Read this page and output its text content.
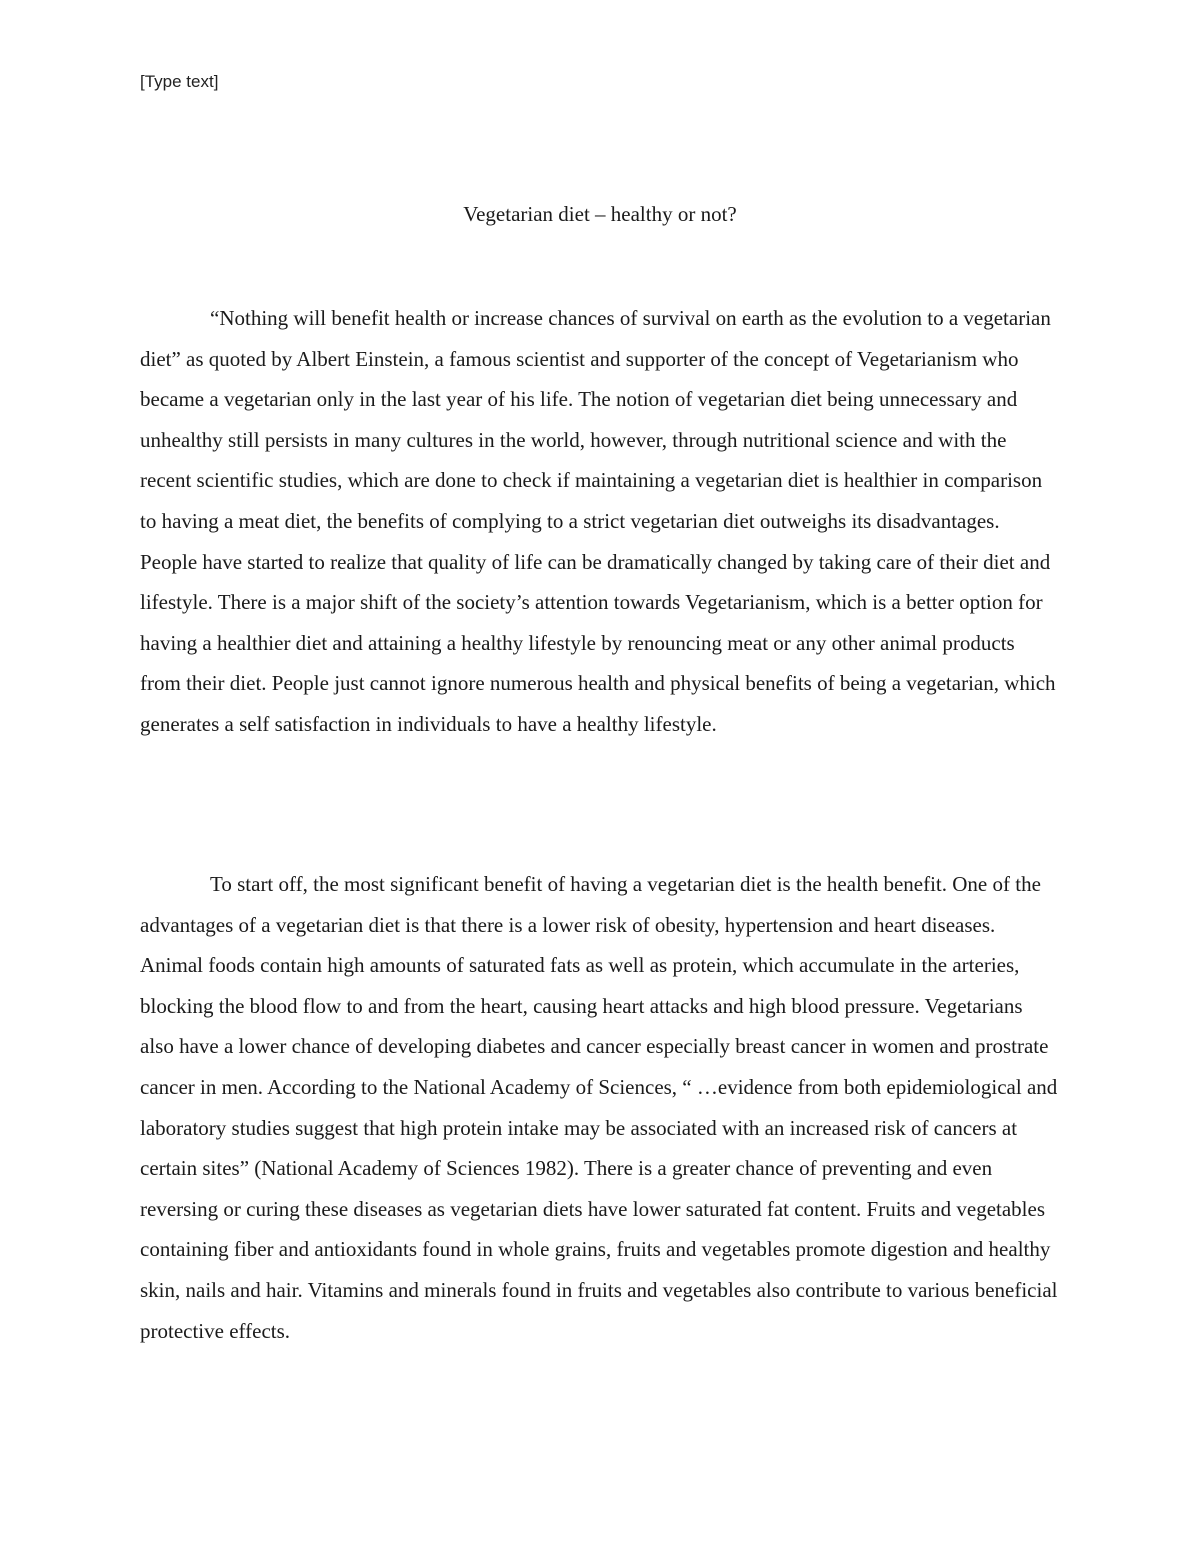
[Type text]
Vegetarian diet – healthy or not?

“Nothing will benefit health or increase chances of survival on earth as the evolution to a vegetarian diet” as quoted by Albert Einstein, a famous scientist and supporter of the concept of Vegetarianism who became a vegetarian only in the last year of his life. The notion of vegetarian diet being unnecessary and unhealthy still persists in many cultures in the world, however, through nutritional science and with the recent scientific studies, which are done to check if maintaining a vegetarian diet is healthier in comparison to having a meat diet, the benefits of complying to a strict vegetarian diet outweighs its disadvantages. People have started to realize that quality of life can be dramatically changed by taking care of their diet and lifestyle. There is a major shift of the society’s attention towards Vegetarianism, which is a better option for having a healthier diet and attaining a healthy lifestyle by renouncing meat or any other animal products from their diet. People just cannot ignore numerous health and physical benefits of being a vegetarian, which generates a self satisfaction in individuals to have a healthy lifestyle.

To start off, the most significant benefit of having a vegetarian diet is the health benefit. One of the advantages of a vegetarian diet is that there is a lower risk of obesity, hypertension and heart diseases. Animal foods contain high amounts of saturated fats as well as protein, which accumulate in the arteries, blocking the blood flow to and from the heart, causing heart attacks and high blood pressure. Vegetarians also have a lower chance of developing diabetes and cancer especially breast cancer in women and prostrate cancer in men. According to the National Academy of Sciences, “ …evidence from both epidemiological and laboratory studies suggest that high protein intake may be associated with an increased risk of cancers at certain sites” (National Academy of Sciences 1982). There is a greater chance of preventing and even reversing or curing these diseases as vegetarian diets have lower saturated fat content. Fruits and vegetables containing fiber and antioxidants found in whole grains, fruits and vegetables promote digestion and healthy skin, nails and hair. Vitamins and minerals found in fruits and vegetables also contribute to various beneficial protective effects.
